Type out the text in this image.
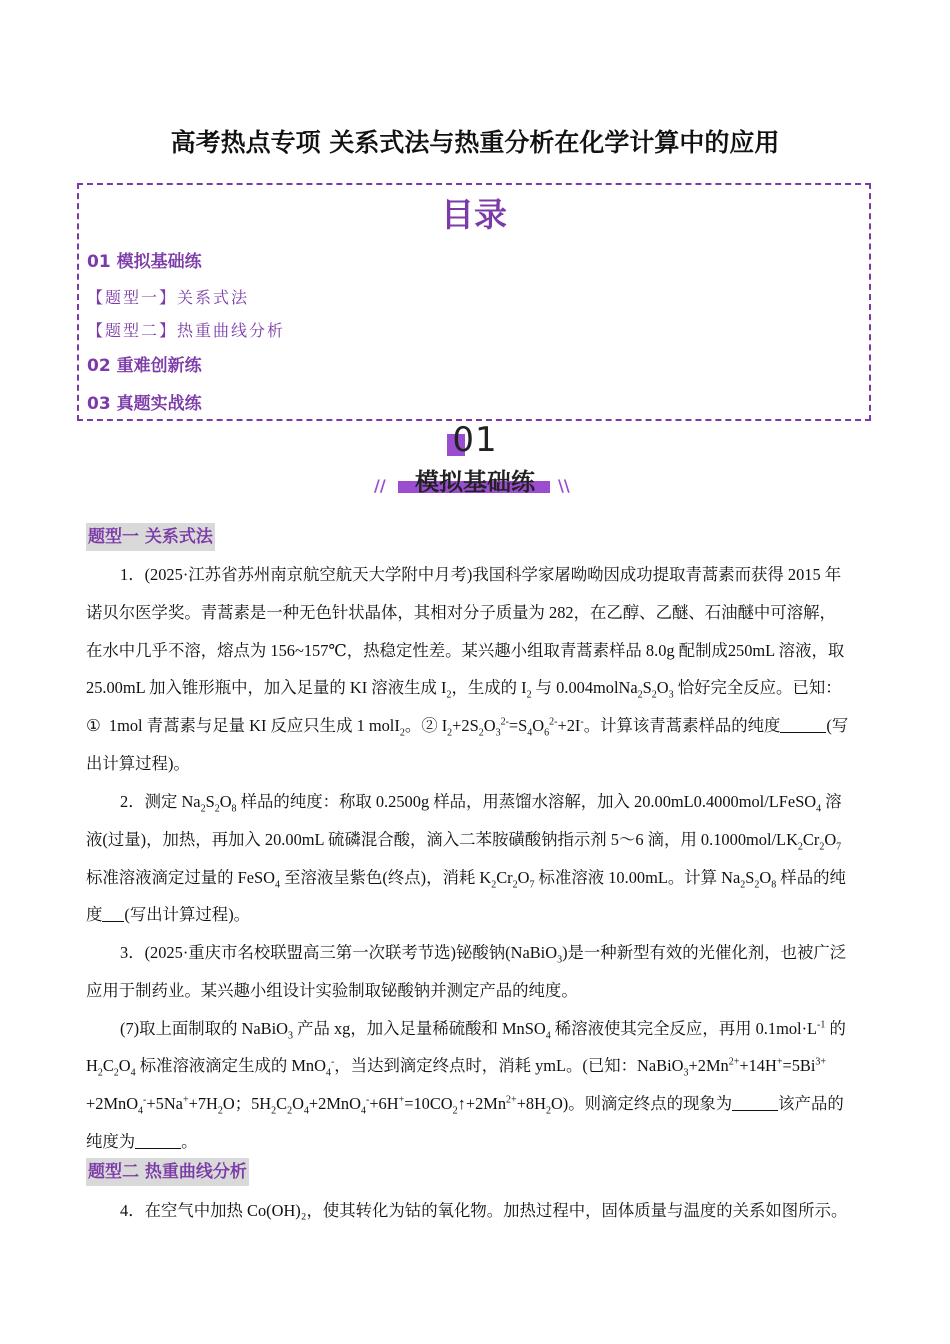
高考热点专项 关系式法与热重分析在化学计算中的应用
目录
01 模拟基础练
【题型一】关系式法
【题型二】热重曲线分析
02 重难创新练
03 真题实战练
01
模拟基础练
//	\\
题型一 关系式法
1．(2025·江苏省苏州南京航空航天大学附中月考)我国科学家屠呦呦因成功提取青蒿素而获得 2015 年
诺贝尔医学奖。青蒿素是一种无色针状晶体，其相对分子质量为 282，在乙醇、乙醚、石油醚中可溶解，
在水中几乎不溶，熔点为 156~157℃，热稳定性差。某兴趣小组取青蒿素样品 8.0g 配制成250mL 溶液，取
25.00mL 加入锥形瓶中，加入足量的 KI 溶液生成 $I_2$，生成的 $I_2$ 与 $0.004molNa_2S_2O_3$ 恰好完全反应。已知：
①  1mol 青蒿素与足量 KI 反应只生成 1 molI$_2$。② $I_2+2S_2O_3^{2-}=S_4O_6^{2-}+2I^-$。计算该青蒿素样品的纯度	(写
出计算过程)。
2．测定 $Na_2S_2O_8$ 样品的纯度：称取 0.2500g 样品，用蒸馏水溶解，加入 20.00mL0.4000mol/LFeSO$_4$ 溶
液(过量)，加热，再加入 20.00mL 硫磷混合酸，滴入二苯胺磺酸钠指示剂 5～6 滴，用 $0.1000mol/LK_2Cr_2O_7$
标准溶液滴定过量的 FeSO$_4$ 至溶液呈紫色(终点)，消耗 $K_2Cr_2O_7$ 标准溶液 10.00mL。计算 $Na_2S_2O_8$ 样品的纯
度 (写出计算过程)。
3．(2025·重庆市名校联盟高三第一次联考节选)铋酸钠(NaBiO$_3$)是一种新型有效的光催化剂，也被广泛
应用于制药业。某兴趣小组设计实验制取铋酸钠并测定产品的纯度。
(7)取上面制取的 NaBiO$_3$ 产品 xg，加入足量稀硫酸和 MnSO$_4$ 稀溶液使其完全反应，再用 $0.1mol\cdot L^{-1}$ 的
$H_2C_2O_4$ 标准溶液滴定生成的 MnO$_4$-，当达到滴定终点时，消耗 ymL。(已知：$NaBiO_3+2Mn^{2+}+14H^+=5Bi^{3+}$
$+2MnO_4^-+5Na^++7H_2O$；$5H_2C_2O_4+2MnO_4^-+6H^+=10CO_2↑+2Mn^{2+}+8H_2O$)。则滴定终点的现象为	该产品的
纯度为	。
题型二 热重曲线分析
4．在空气中加热 Co(OH)₂，使其转化为钴的氧化物。加热过程中，固体质量与温度的关系如图所示。
